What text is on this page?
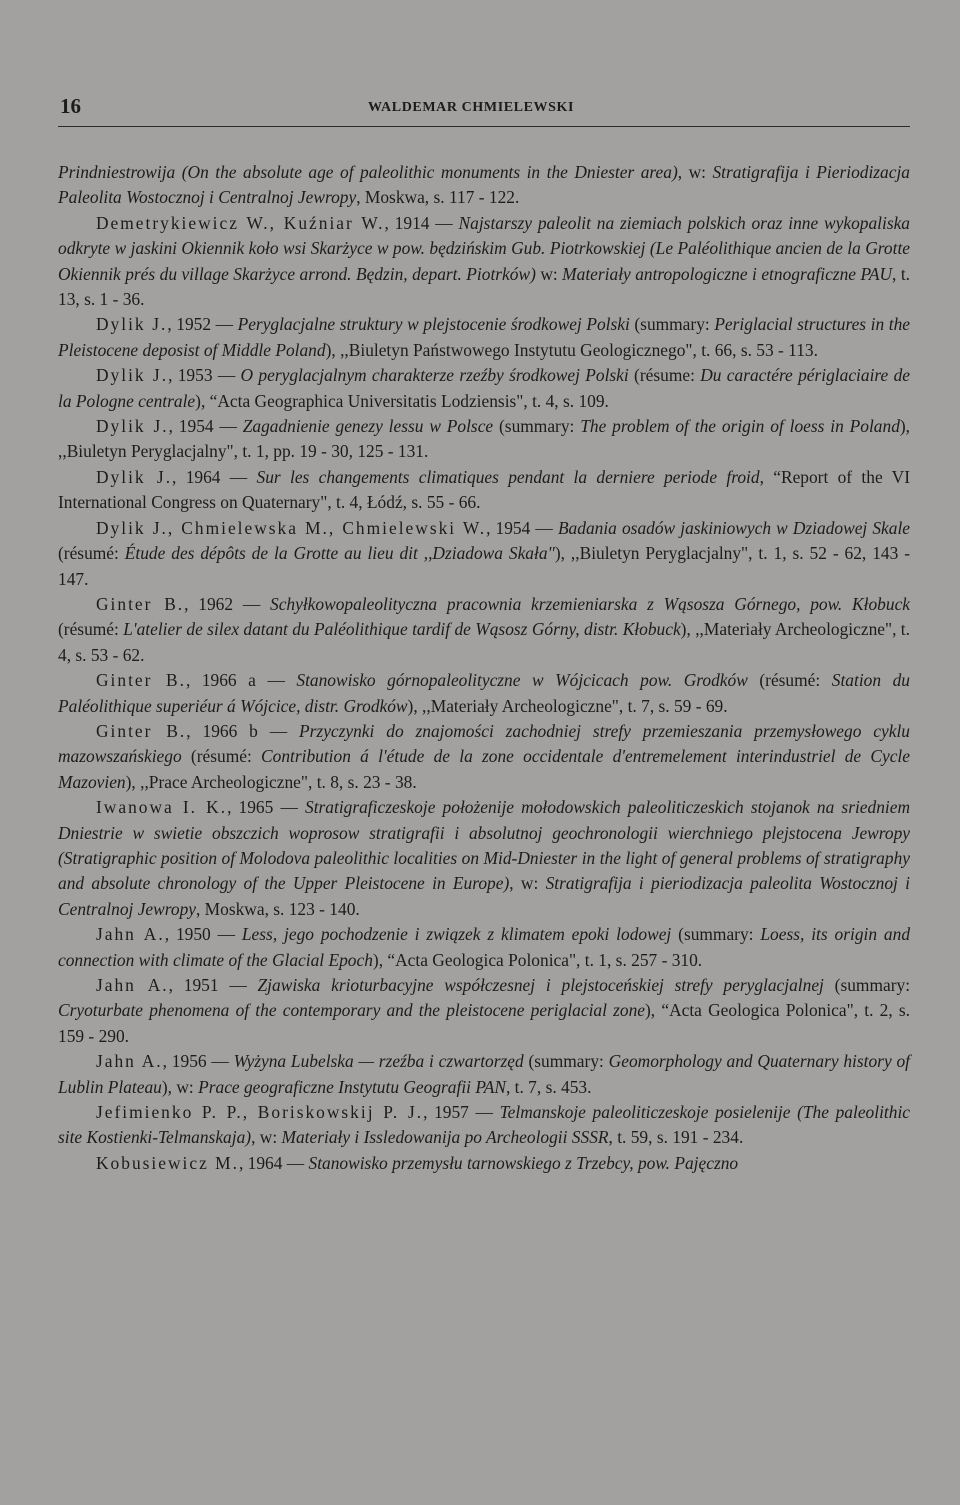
16	WALDEMAR CHMIELEWSKI

Prindniestrowija (On the absolute age of paleolithic monuments in the Dniester area), w: Stratigrafija i Pieriodizacja Paleolita Wostocznoj i Centralnoj Jewropy, Moskwa, s. 117 - 122.

Demetrykiewicz W., Kuźniar W., 1914 — Najstarszy paleolit na ziemiach polskich oraz inne wykopaliska odkryte w jaskini Okiennik koło wsi Skarżyce w pow. będzińskim Gub. Piotrkowskiej (Le Paléolithique ancien de la Grotte Okiennik prés du village Skarżyce arrond. Będzin, depart. Piotrków) w: Materiały antropologiczne i etnograficzne PAU, t. 13, s. 1 - 36.

Dylik J., 1952 — Peryglacjalne struktury w plejstocenie środkowej Polski (summary: Periglacial structures in the Pleistocene deposist of Middle Poland), ,,Biuletyn Państwowego Instytutu Geologicznego", t. 66, s. 53 - 113.

Dylik J., 1953 — O peryglacjalnym charakterze rzeźby środkowej Polski (résume: Du caractére périglaciaire de la Pologne centrale), “Acta Geographica Universitatis Lodziensis", t. 4, s. 109.

Dylik J., 1954 — Zagadnienie genezy lessu w Polsce (summary: The problem of the origin of loess in Poland), ,,Biuletyn Peryglacjalny", t. 1, pp. 19 - 30, 125 - 131.

Dylik J., 1964 — Sur les changements climatiques pendant la derniere periode froid, “Report of the VI International Congress on Quaternary", t. 4, Łódź, s. 55 - 66.

Dylik J., Chmielewska M., Chmielewski W., 1954 — Badania osadów jaskiniowych w Dziadowej Skale (résumé: Étude des dépôts de la Grotte au lieu dit ,,Dziadowa Skała"), ,,Biuletyn Peryglacjalny", t. 1, s. 52 - 62, 143 - 147.

Ginter B., 1962 — Schyłkowopaleolityczna pracownia krzemieniarska z Wąsosza Górnego, pow. Kłobuck (résumé: L'atelier de silex datant du Paléolithique tardif de Wąsosz Górny, distr. Kłobuck), ,,Materiały Archeologiczne", t. 4, s. 53 - 62.

Ginter B., 1966 a — Stanowisko górnopaleolityczne w Wójcicach pow. Grodków (résumé: Station du Paléolithique superiéur á Wójcice, distr. Grodków), ,,Materiały Archeologiczne", t. 7, s. 59 - 69.

Ginter B., 1966 b — Przyczynki do znajomości zachodniej strefy przemieszania przemysłowego cyklu mazowszańskiego (résumé: Contribution á l'étude de la zone occidentale d'entremelement interindustriel de Cycle Mazovien), ,,Prace Archeologiczne", t. 8, s. 23 - 38.

Iwanowa I. K., 1965 — Stratigraficzeskoje położenije mołodowskich paleoliticzeskich stojanok na sriedniem Dniestrie w swietie obszczich woprosow stratigrafii i absolutnoj geochronologii wierchniego plejstocena Jewropy (Stratigraphic position of Molodova paleolithic localities on Mid-Dniester in the light of general problems of stratigraphy and absolute chronology of the Upper Pleistocene in Europe), w: Stratigrafija i pieriodizacja paleolita Wostocznoj i Centralnoj Jewropy, Moskwa, s. 123 - 140.

Jahn A., 1950 — Less, jego pochodzenie i związek z klimatem epoki lodowej (summary: Loess, its origin and connection with climate of the Glacial Epoch), “Acta Geologica Polonica", t. 1, s. 257 - 310.

Jahn A., 1951 — Zjawiska krioturbacyjne współczesnej i plejstoceńskiej strefy peryglacjalnej (summary: Cryoturbate phenomena of the contemporary and the pleistocene periglacial zone), “Acta Geologica Polonica", t. 2, s. 159 - 290.

Jahn A., 1956 — Wyżyna Lubelska — rzeźba i czwartorzęd (summary: Geomorphology and Quaternary history of Lublin Plateau), w: Prace geograficzne Instytutu Geografii PAN, t. 7, s. 453.

Jefimienko P. P., Boriskowskij P. J., 1957 — Telmanskoje paleoliticzeskoje posielenije (The paleolithic site Kostienki-Telmanskaja), w: Materiały i Issledowanija po Archeologii SSSR, t. 59, s. 191 - 234.

Kobusiewicz M., 1964 — Stanowisko przemysłu tarnowskiego z Trzebcy, pow. Pajęczno
